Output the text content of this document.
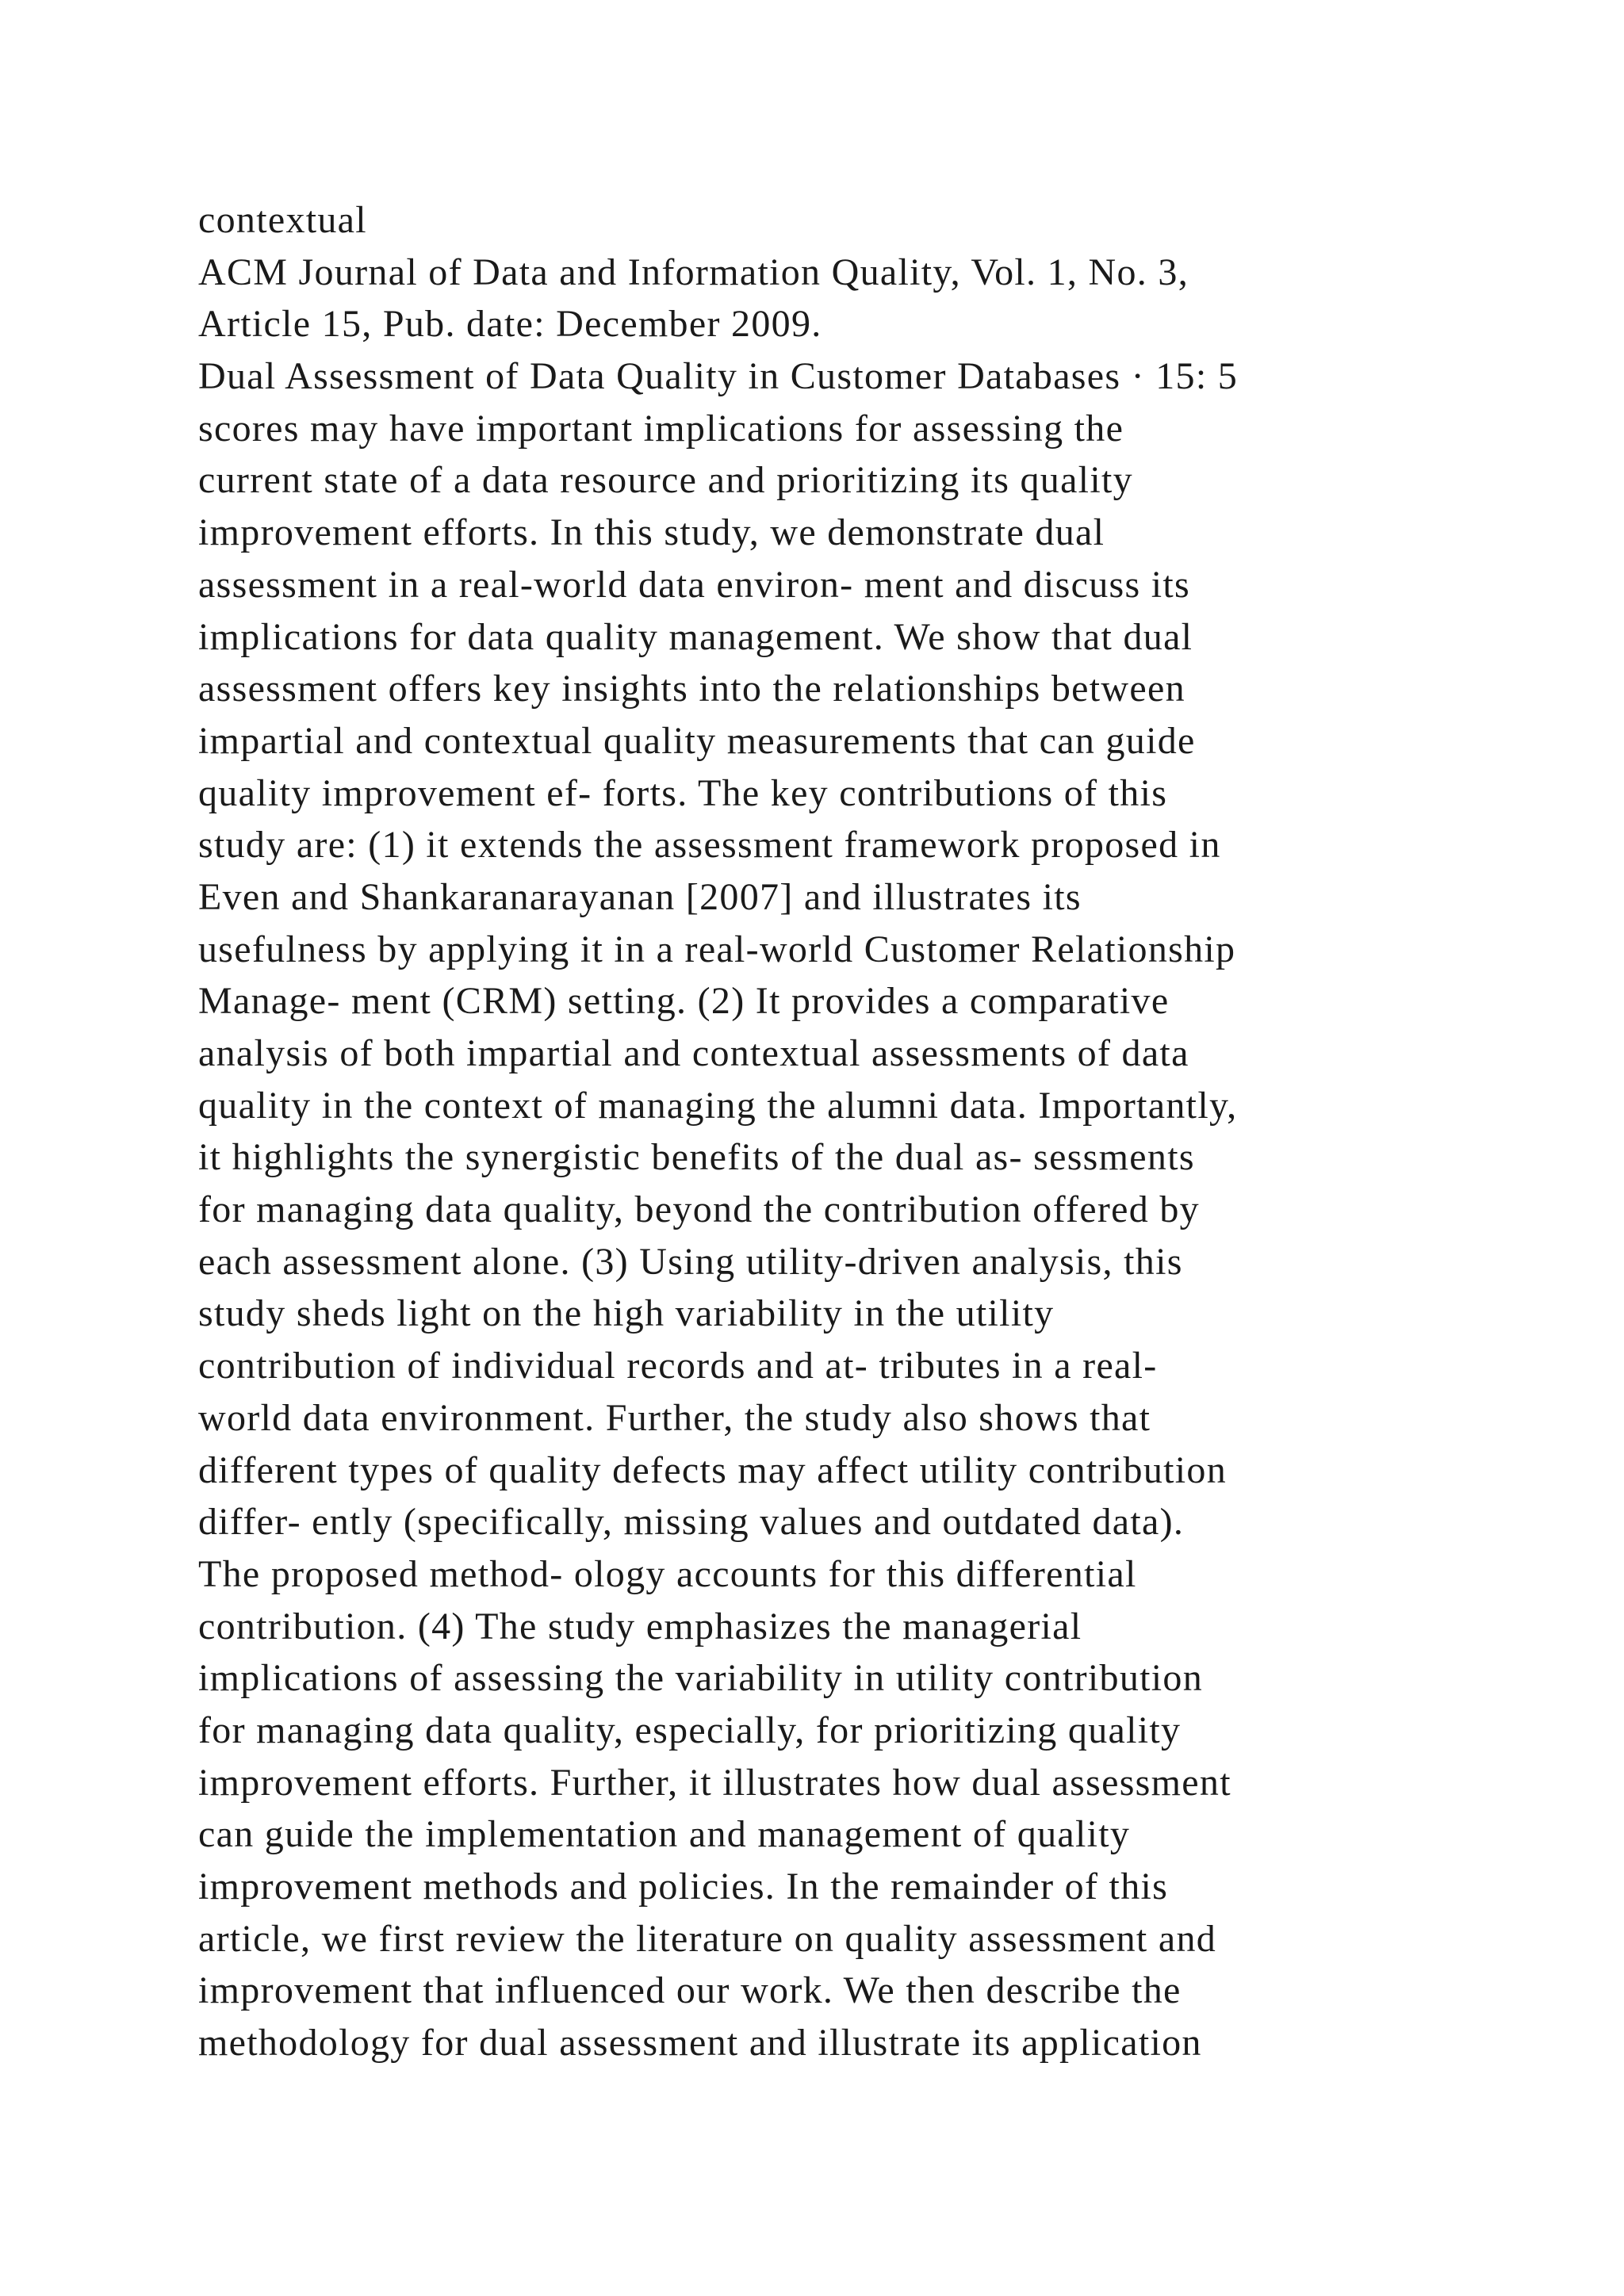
contextual
ACM Journal of Data and Information Quality, Vol. 1, No. 3,
Article 15, Pub. date: December 2009.
Dual Assessment of Data Quality in Customer Databases · 15: 5
scores may have important implications for assessing the
current state of a data resource and prioritizing its quality
improvement efforts. In this study, we demonstrate dual
assessment in a real-world data environ- ment and discuss its
implications for data quality management. We show that dual
assessment offers key insights into the relationships between
impartial and contextual quality measurements that can guide
quality improvement ef- forts. The key contributions of this
study are: (1) it extends the assessment framework proposed in
Even and Shankaranarayanan [2007] and illustrates its
usefulness by applying it in a real-world Customer Relationship
Manage- ment (CRM) setting. (2) It provides a comparative
analysis of both impartial and contextual assessments of data
quality in the context of managing the alumni data. Importantly,
it highlights the synergistic benefits of the dual as- sessments
for managing data quality, beyond the contribution offered by
each assessment alone. (3) Using utility-driven analysis, this
study sheds light on the high variability in the utility
contribution of individual records and at- tributes in a real-
world data environment. Further, the study also shows that
different types of quality defects may affect utility contribution
differ- ently (specifically, missing values and outdated data).
The proposed method- ology accounts for this differential
contribution. (4) The study emphasizes the managerial
implications of assessing the variability in utility contribution
for managing data quality, especially, for prioritizing quality
improvement efforts. Further, it illustrates how dual assessment
can guide the implementation and management of quality
improvement methods and policies. In the remainder of this
article, we first review the literature on quality assessment and
improvement that influenced our work. We then describe the
methodology for dual assessment and illustrate its application
